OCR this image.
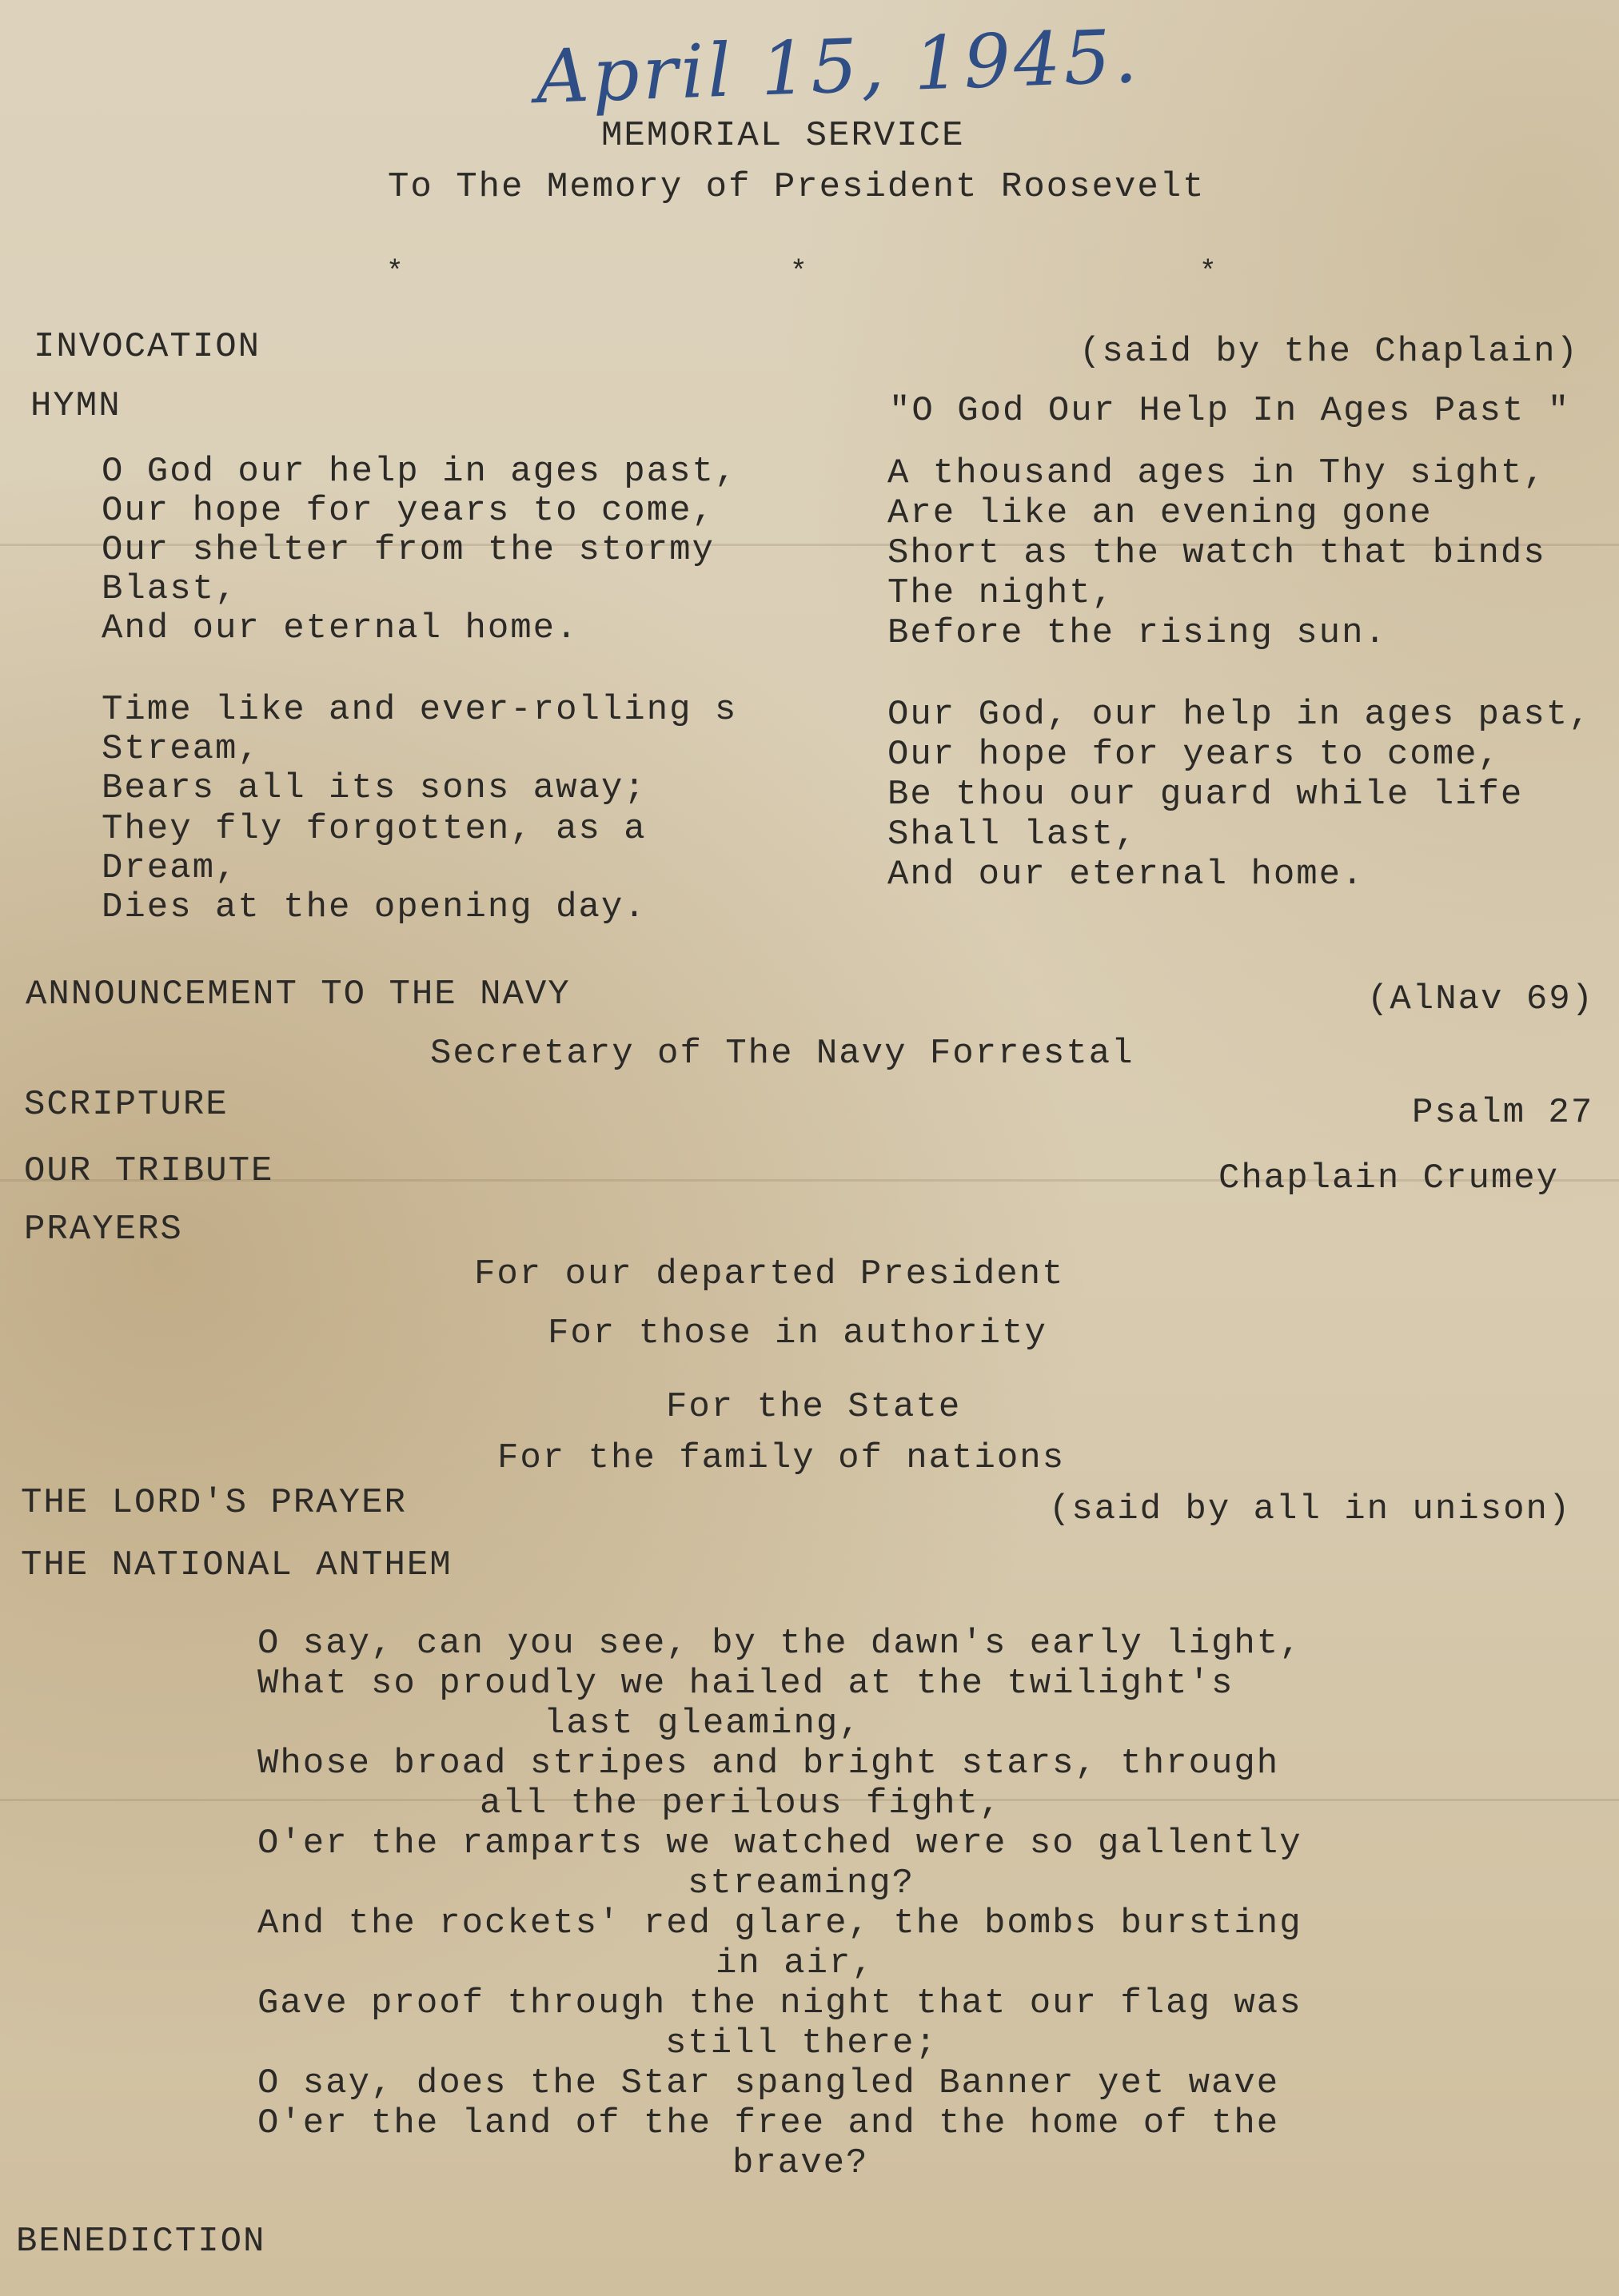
April 15, 1945.
MEMORIAL SERVICE
To The Memory of President Roosevelt
*	*	*
INVOCATION	(said by the Chaplain)
HYMN	"O God Our Help In Ages Past "
O God our help in ages past,
Our hope for years to come,
Our shelter from the stormy
Blast,
And our eternal home.
Time like and ever-rolling s
Stream,
Bears all its sons away;
They fly forgotten, as a
Dream,
Dies at the opening day.
A thousand ages in Thy sight,
Are like an evening gone
Short as the watch that binds
The night,
Before the rising sun.
Our God, our help in ages past,
Our hope for years to come,
Be thou our guard while life
Shall last,
And our eternal home.
ANNOUNCEMENT TO THE NAVY	(AlNav 69)
Secretary of The Navy Forrestal
SCRIPTURE	Psalm 27
OUR TRIBUTE	Chaplain Crumey
PRAYERS
For our departed President
For those in authority
For the State
For the family of nations
THE LORD'S PRAYER	(said by all in unison)
THE NATIONAL ANTHEM
O say, can you see, by the dawn's early light,
What so proudly we hailed at the twilight's
last gleaming,
Whose broad stripes and bright stars, through
all the perilous fight,
O'er the ramparts we watched were so gallently
streaming?
And the rockets' red glare, the bombs bursting
in air,
Gave proof through the night that our flag was
still there;
O say, does the Star spangled Banner yet wave
O'er the land of the free and the home of the
brave?
BENEDICTION
